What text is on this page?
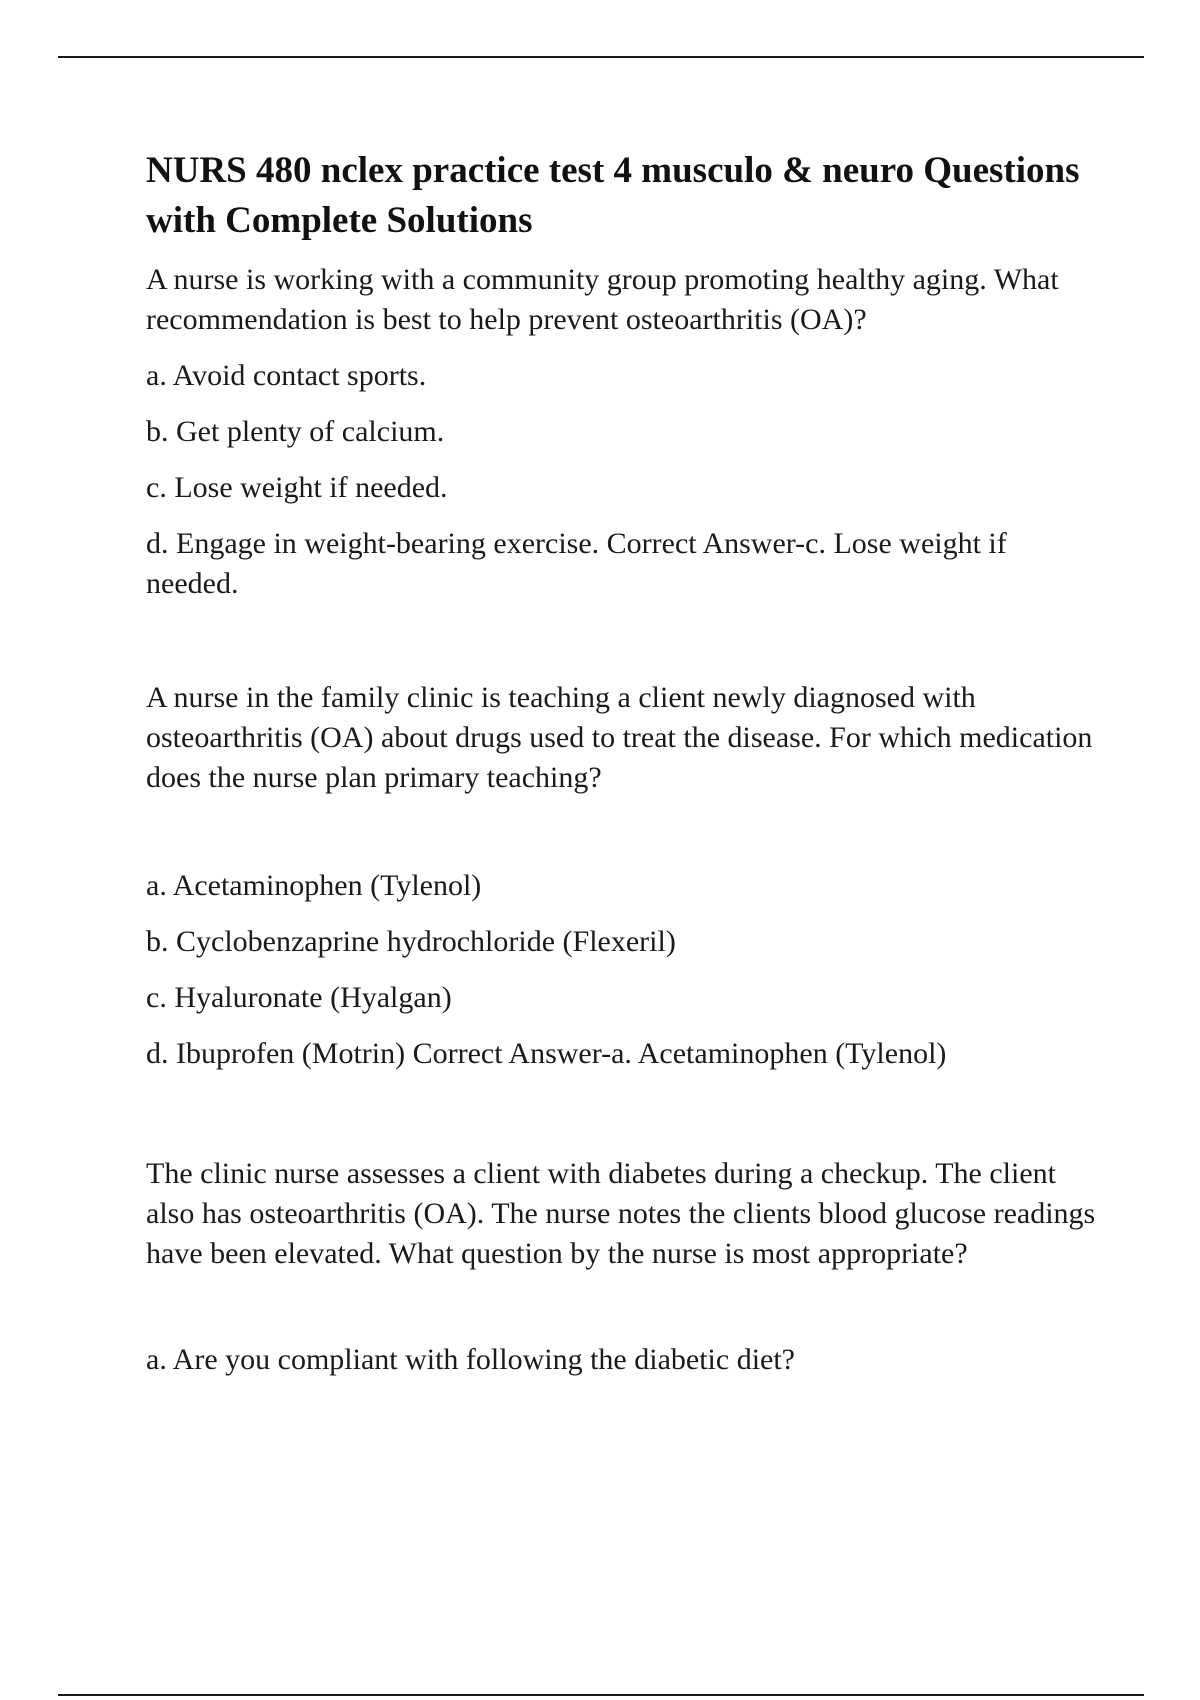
NURS 480 nclex practice test 4 musculo & neuro Questions with Complete Solutions

A nurse is working with a community group promoting healthy aging. What recommendation is best to help prevent osteoarthritis (OA)?

a. Avoid contact sports.

b. Get plenty of calcium.

c. Lose weight if needed.

d. Engage in weight-bearing exercise. Correct Answer-c. Lose weight if needed.

A nurse in the family clinic is teaching a client newly diagnosed with osteoarthritis (OA) about drugs used to treat the disease. For which medication does the nurse plan primary teaching?

a. Acetaminophen (Tylenol)

b. Cyclobenzaprine hydrochloride (Flexeril)

c. Hyaluronate (Hyalgan)

d. Ibuprofen (Motrin) Correct Answer-a. Acetaminophen (Tylenol)

The clinic nurse assesses a client with diabetes during a checkup. The client also has osteoarthritis (OA). The nurse notes the clients blood glucose readings have been elevated. What question by the nurse is most appropriate?

a. Are you compliant with following the diabetic diet?
